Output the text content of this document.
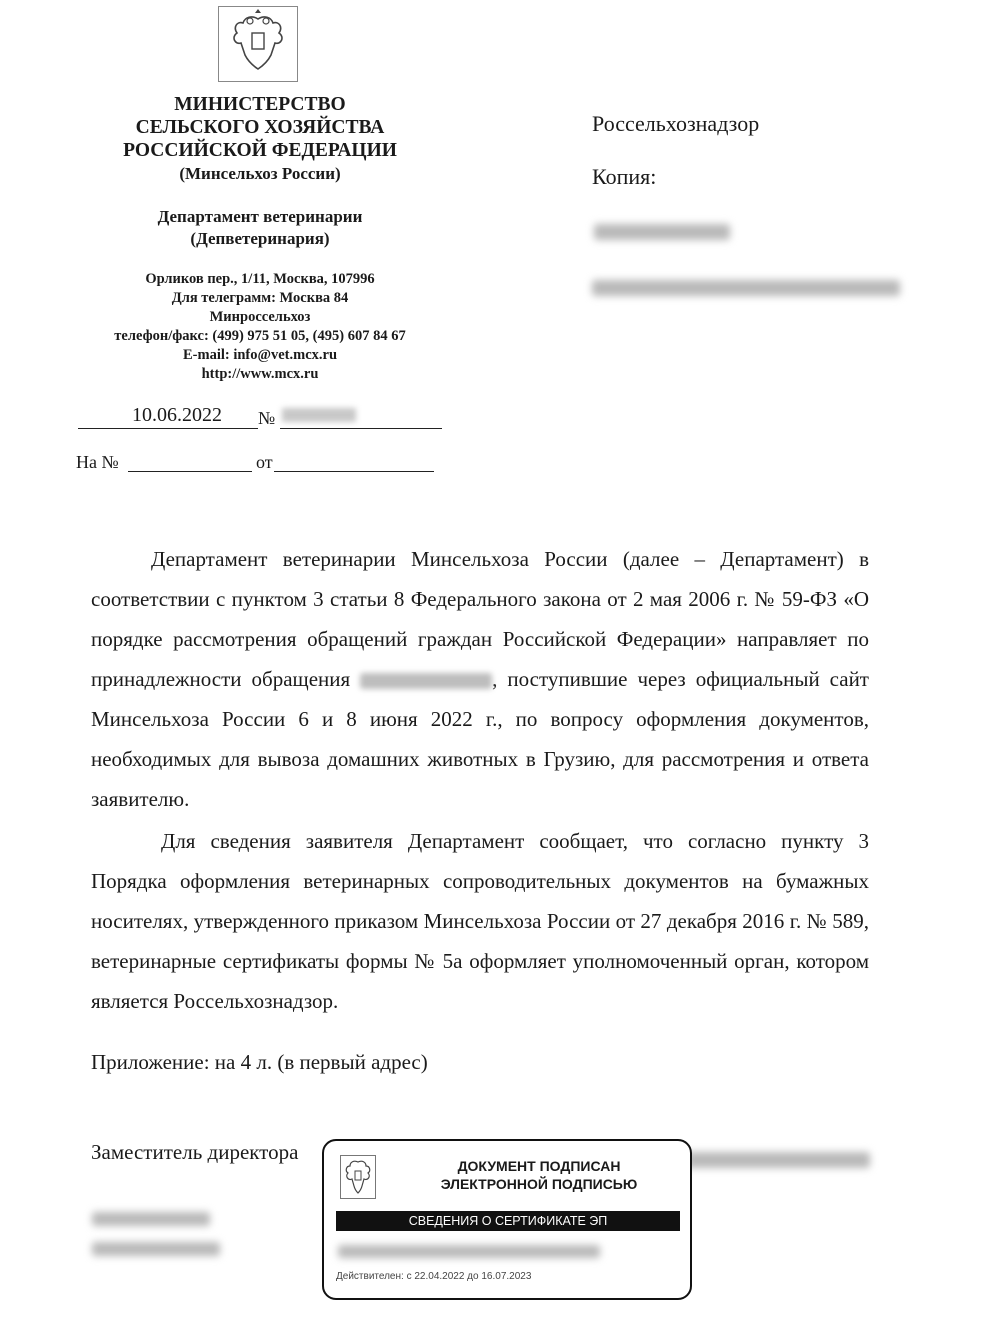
МИНИСТЕРСТВО
СЕЛЬСКОГО ХОЗЯЙСТВА
РОССИЙСКОЙ ФЕДЕРАЦИИ
(Минсельхоз России)
Департамент ветеринарии
(Депветеринария)
Орликов пер., 1/11, Москва, 107996
Для телеграмм: Москва 84
Минроссельхоз
телефон/факс: (499) 975 51 05, (495) 607 84 67
E-mail: info@vet.mcx.ru
http://www.mcx.ru
10.06.2022 №
На №	от
Россельхознадзор
Копия:
Департамент ветеринарии Минсельхоза России (далее – Департамент) в соответствии с пунктом 3 статьи 8 Федерального закона от 2 мая 2006 г. № 59-ФЗ «О порядке рассмотрения обращений граждан Российской Федерации» направляет по принадлежности обращения	, поступившие через официальный сайт Минсельхоза России 6 и 8 июня 2022 г., по вопросу оформления документов, необходимых для вывоза домашних животных в Грузию, для рассмотрения и ответа заявителю.
Для сведения заявителя Департамент сообщает, что согласно пункту 3 Порядка оформления ветеринарных сопроводительных документов на бумажных носителях, утвержденного приказом Минсельхоза России от 27 декабря 2016 г. № 589, ветеринарные сертификаты формы № 5а оформляет уполномоченный орган, котором является Россельхознадзор.
Приложение: на 4 л. (в первый адрес)
Заместитель директора
ДОКУМЕНТ ПОДПИСАН
ЭЛЕКТРОННОЙ ПОДПИСЬЮ
СВЕДЕНИЯ О СЕРТИФИКАТЕ ЭП
Действителен: с 22.04.2022 до 16.07.2023
